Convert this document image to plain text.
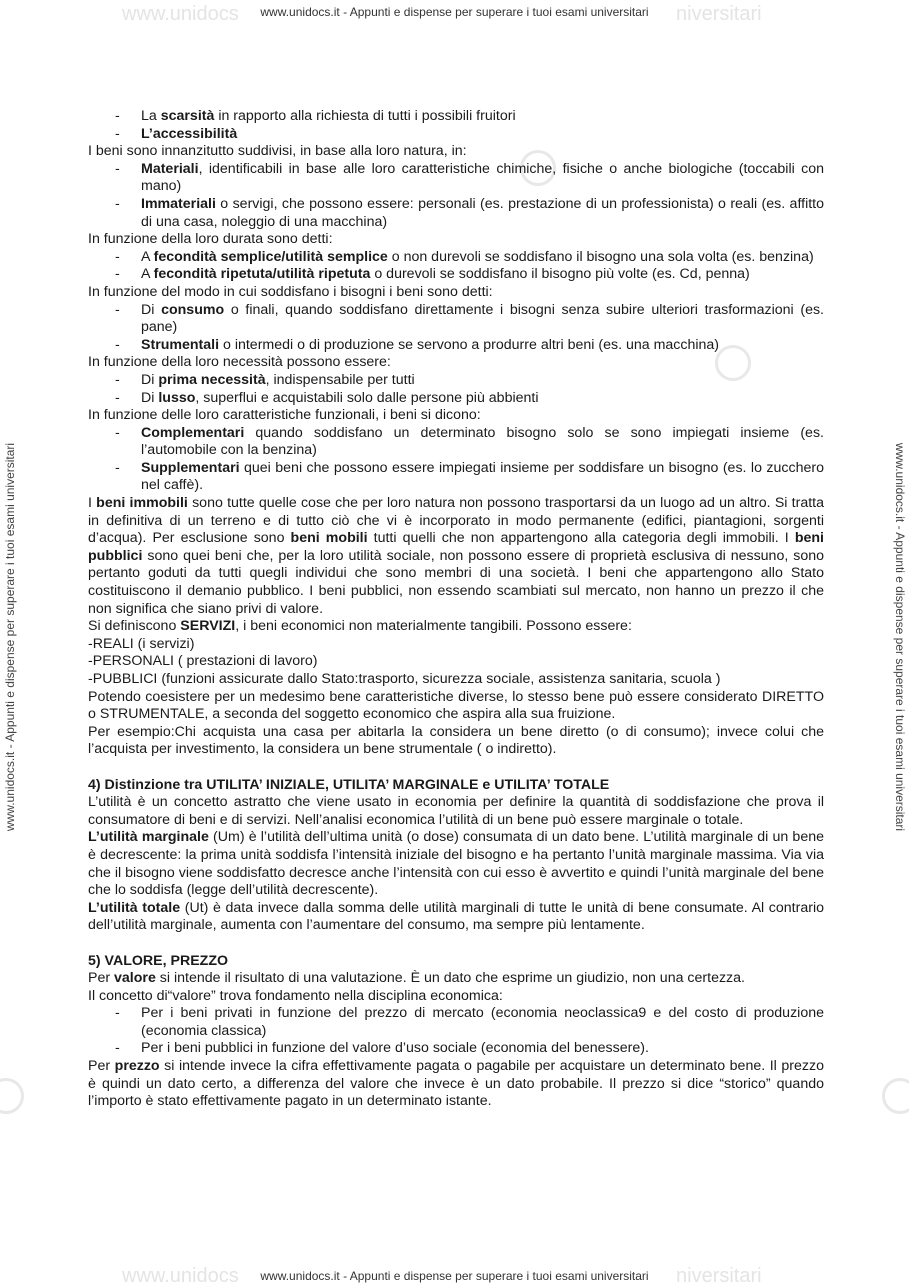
www.unidocs	niversitari
www.unidocs.it - Appunti e dispense per superare i tuoi esami universitari
www.unidocs	niversitari
www.unidocs.it - Appunti e dispense per superare i tuoi esami universitari
www.unidocs.it - Appunti e dispense per superare i tuoi esami universitari	www.unidocs.it - Appunti e dispense per superare i tuoi esami universitari

- La scarsità in rapporto alla richiesta di tutti i possibili fruitori

- L’accessibilità

I beni sono innanzitutto suddivisi, in base alla loro natura, in:

- Materiali, identificabili in base alle loro caratteristiche chimiche, fisiche o anche biologiche (toccabili con mano)

- Immateriali o servigi, che possono essere: personali (es. prestazione di un professionista) o reali (es. affitto di una casa, noleggio di una macchina)

In funzione della loro durata sono detti:

- A fecondità semplice/utilità semplice o non durevoli se soddisfano il bisogno una sola volta (es. benzina)

- A fecondità ripetuta/utilità ripetuta o durevoli se soddisfano il bisogno più volte (es. Cd, penna)

In funzione del modo in cui soddisfano i bisogni i beni sono detti:

- Di consumo o finali, quando soddisfano direttamente i bisogni senza subire ulteriori trasformazioni (es. pane)

- Strumentali o intermedi o di produzione se servono a produrre altri beni (es. una macchina)

In funzione della loro necessità possono essere:

- Di prima necessità, indispensabile per tutti

- Di lusso, superflui e acquistabili solo dalle persone più abbienti

In funzione delle loro caratteristiche funzionali, i beni si dicono:

- Complementari quando soddisfano un determinato bisogno solo se sono impiegati insieme (es. l’automobile con la benzina)

- Supplementari quei beni che possono essere impiegati insieme per soddisfare un bisogno (es. lo zucchero nel caffè).

I beni immobili sono tutte quelle cose che per loro natura non possono trasportarsi da un luogo ad un altro. Si tratta in definitiva di un terreno e di tutto ciò che vi è incorporato in modo permanente (edifici, piantagioni, sorgenti d’acqua). Per esclusione sono beni mobili tutti quelli che non appartengono alla categoria degli immobili. I beni pubblici sono quei beni che, per la loro utilità sociale, non possono essere di proprietà esclusiva di nessuno, sono pertanto goduti da tutti quegli individui che sono membri di una società. I beni che appartengono allo Stato costituiscono il demanio pubblico. I beni pubblici, non essendo scambiati sul mercato, non hanno un prezzo il che non significa che siano privi di valore.

Si definiscono SERVIZI, i beni economici non materialmente tangibili. Possono essere:

-REALI (i servizi)

-PERSONALI ( prestazioni di lavoro)

-PUBBLICI (funzioni assicurate dallo Stato:trasporto, sicurezza sociale, assistenza sanitaria, scuola )

Potendo coesistere per un medesimo bene caratteristiche diverse, lo stesso bene può essere considerato DIRETTO o STRUMENTALE, a seconda del soggetto economico che aspira alla sua fruizione.

Per esempio:Chi acquista una casa per abitarla la considera un bene diretto (o di consumo); invece colui che l’acquista per investimento, la considera un bene strumentale ( o indiretto).

4) Distinzione tra UTILITA’ INIZIALE, UTILITA’ MARGINALE e UTILITA’ TOTALE

L’utilità è un concetto astratto che viene usato in economia per definire la quantità di soddisfazione che prova il consumatore di beni e di servizi. Nell’analisi economica l’utilità di un bene può essere marginale o totale.

L’utilità marginale (Um) è l’utilità dell’ultima unità (o dose) consumata di un dato bene. L’utilità marginale di un bene è decrescente: la prima unità soddisfa l’intensità iniziale del bisogno e ha pertanto l’unità marginale massima. Via via che il bisogno viene soddisfatto decresce anche l’intensità con cui esso è avvertito e quindi l’unità marginale del bene che lo soddisfa (legge dell’utilità decrescente).

L’utilità totale (Ut) è data invece dalla somma delle utilità marginali di tutte le unità di bene consumate. Al contrario dell’utilità marginale, aumenta con l’aumentare del consumo, ma sempre più lentamente.

5) VALORE, PREZZO

Per valore si intende il risultato di una valutazione. È un dato che esprime un giudizio, non una certezza.

Il concetto di“valore” trova fondamento nella disciplina economica:

- Per i beni privati in funzione del prezzo di mercato (economia neoclassica9 e del costo di produzione (economia classica)

- Per i beni pubblici in funzione del valore d’uso sociale (economia del benessere).

Per prezzo si intende invece la cifra effettivamente pagata o pagabile per acquistare un determinato bene. Il prezzo è quindi un dato certo, a differenza del valore che invece è un dato probabile. Il prezzo si dice “storico” quando l’importo è stato effettivamente pagato in un determinato istante.
